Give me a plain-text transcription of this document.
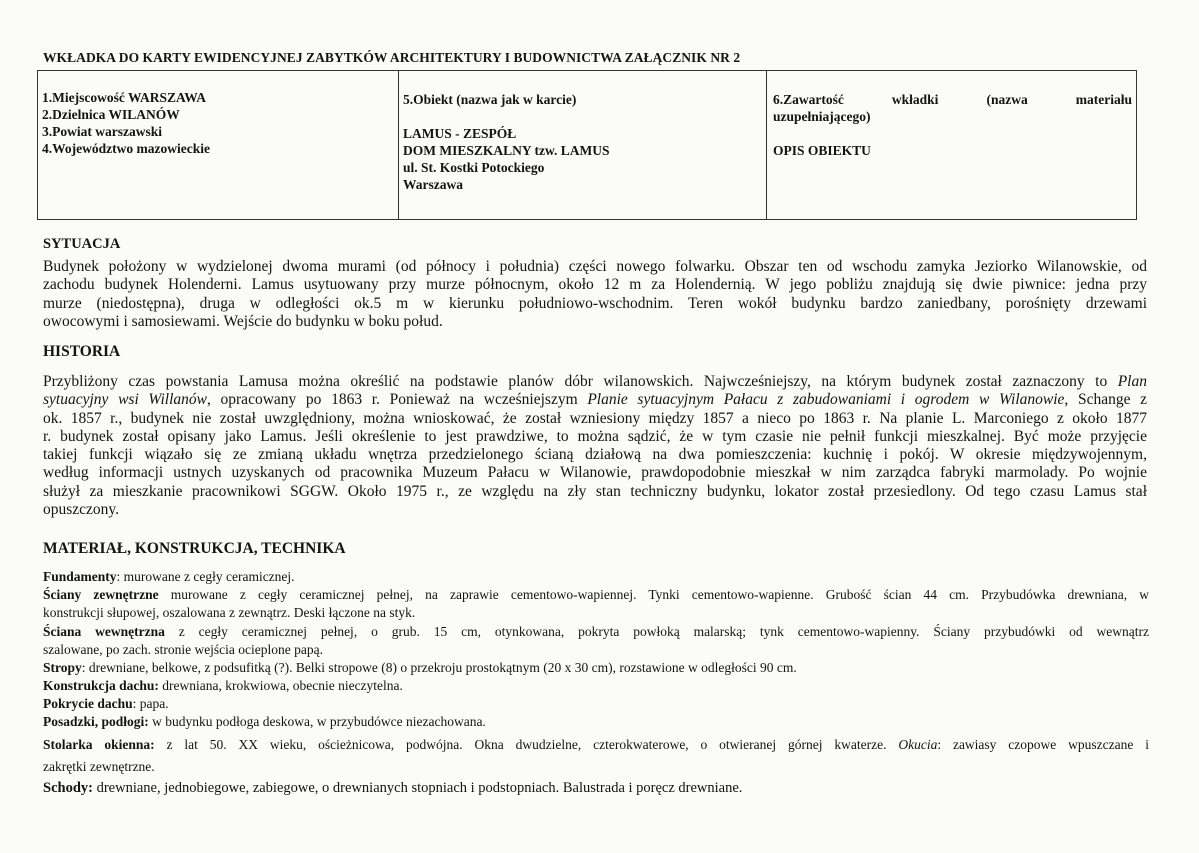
WKŁADKA DO KARTY EWIDENCYJNEJ ZABYTKÓW ARCHITEKTURY I BUDOWNICTWA ZAŁĄCZNIK NR 2
1.Miejscowość WARSZAWA
2.Dzielnica WILANÓW
3.Powiat warszawski
4.Województwo mazowieckie
5.Obiekt (nazwa jak w karcie)
LAMUS - ZESPÓŁ
DOM MIESZKALNY tzw. LAMUS
ul. St. Kostki Potockiego
Warszawa
6.Zawartość	wkładki	(nazwa	materiału
uzupełniającego)
OPIS OBIEKTU
SYTUACJA
Budynek położony w wydzielonej dwoma murami (od północy i południa) części nowego folwarku. Obszar ten od wschodu zamyka Jeziorko Wilanowskie, od
zachodu budynek Holenderni. Lamus usytuowany przy murze północnym, około 12 m za Holendernią. W jego pobliżu znajdują się dwie piwnice: jedna przy
murze (niedostępna), druga w odległości ok.5 m w kierunku południowo-wschodnim. Teren wokół budynku bardzo zaniedbany, porośnięty drzewami
owocowymi i samosiewami. Wejście do budynku w boku połud.
HISTORIA
Przybliżony czas powstania Lamusa można określić na podstawie planów dóbr wilanowskich. Najwcześniejszy, na którym budynek został zaznaczony to Plan
sytuacyjny wsi Willanów, opracowany po 1863 r. Ponieważ na wcześniejszym Planie sytuacyjnym Pałacu z zabudowaniami i ogrodem w Wilanowie, Schange z
ok. 1857 r., budynek nie został uwzględniony, można wnioskować, że został wzniesiony między 1857 a nieco po 1863 r. Na planie L. Marconiego z około 1877
r. budynek został opisany jako Lamus. Jeśli określenie to jest prawdziwe, to można sądzić, że w tym czasie nie pełnił funkcji mieszkalnej. Być może przyjęcie
takiej funkcji wiązało się ze zmianą układu wnętrza przedzielonego ścianą działową na dwa pomieszczenia: kuchnię i pokój. W okresie międzywojennym,
według informacji ustnych uzyskanych od pracownika Muzeum Pałacu w Wilanowie, prawdopodobnie mieszkał w nim zarządca fabryki marmolady. Po wojnie
służył za mieszkanie pracownikowi SGGW. Około 1975 r., ze względu na zły stan techniczny budynku, lokator został przesiedlony. Od tego czasu Lamus stał
opuszczony.
MATERIAŁ, KONSTRUKCJA, TECHNIKA
Fundamenty: murowane z cegły ceramicznej.
Ściany zewnętrzne murowane z cegły ceramicznej pełnej, na zaprawie cementowo-wapiennej. Tynki cementowo-wapienne. Grubość ścian 44 cm. Przybudówka drewniana, w
konstrukcji słupowej, oszalowana z zewnątrz. Deski łączone na styk.
Ściana wewnętrzna z cegły ceramicznej pełnej, o grub. 15 cm, otynkowana, pokryta powłoką malarską; tynk cementowo-wapienny. Ściany przybudówki od wewnątrz
szalowane, po zach. stronie wejścia ocieplone papą.
Stropy: drewniane, belkowe, z podsufitką (?). Belki stropowe (8) o przekroju prostokątnym (20 x 30 cm), rozstawione w odległości 90 cm.
Konstrukcja dachu: drewniana, krokwiowa, obecnie nieczytelna.
Pokrycie dachu: papa.
Posadzki, podłogi: w budynku podłoga deskowa, w przybudówce niezachowana.
Stolarka okienna: z lat 50. XX wieku, ościeżnicowa, podwójna. Okna dwudzielne, czterokwaterowe, o otwieranej górnej kwaterze. Okucia: zawiasy czopowe wpuszczane i
zakrętki zewnętrzne.
Schody: drewniane, jednobiegowe, zabiegowe, o drewnianych stopniach i podstopniach. Balustrada i poręcz drewniane.
